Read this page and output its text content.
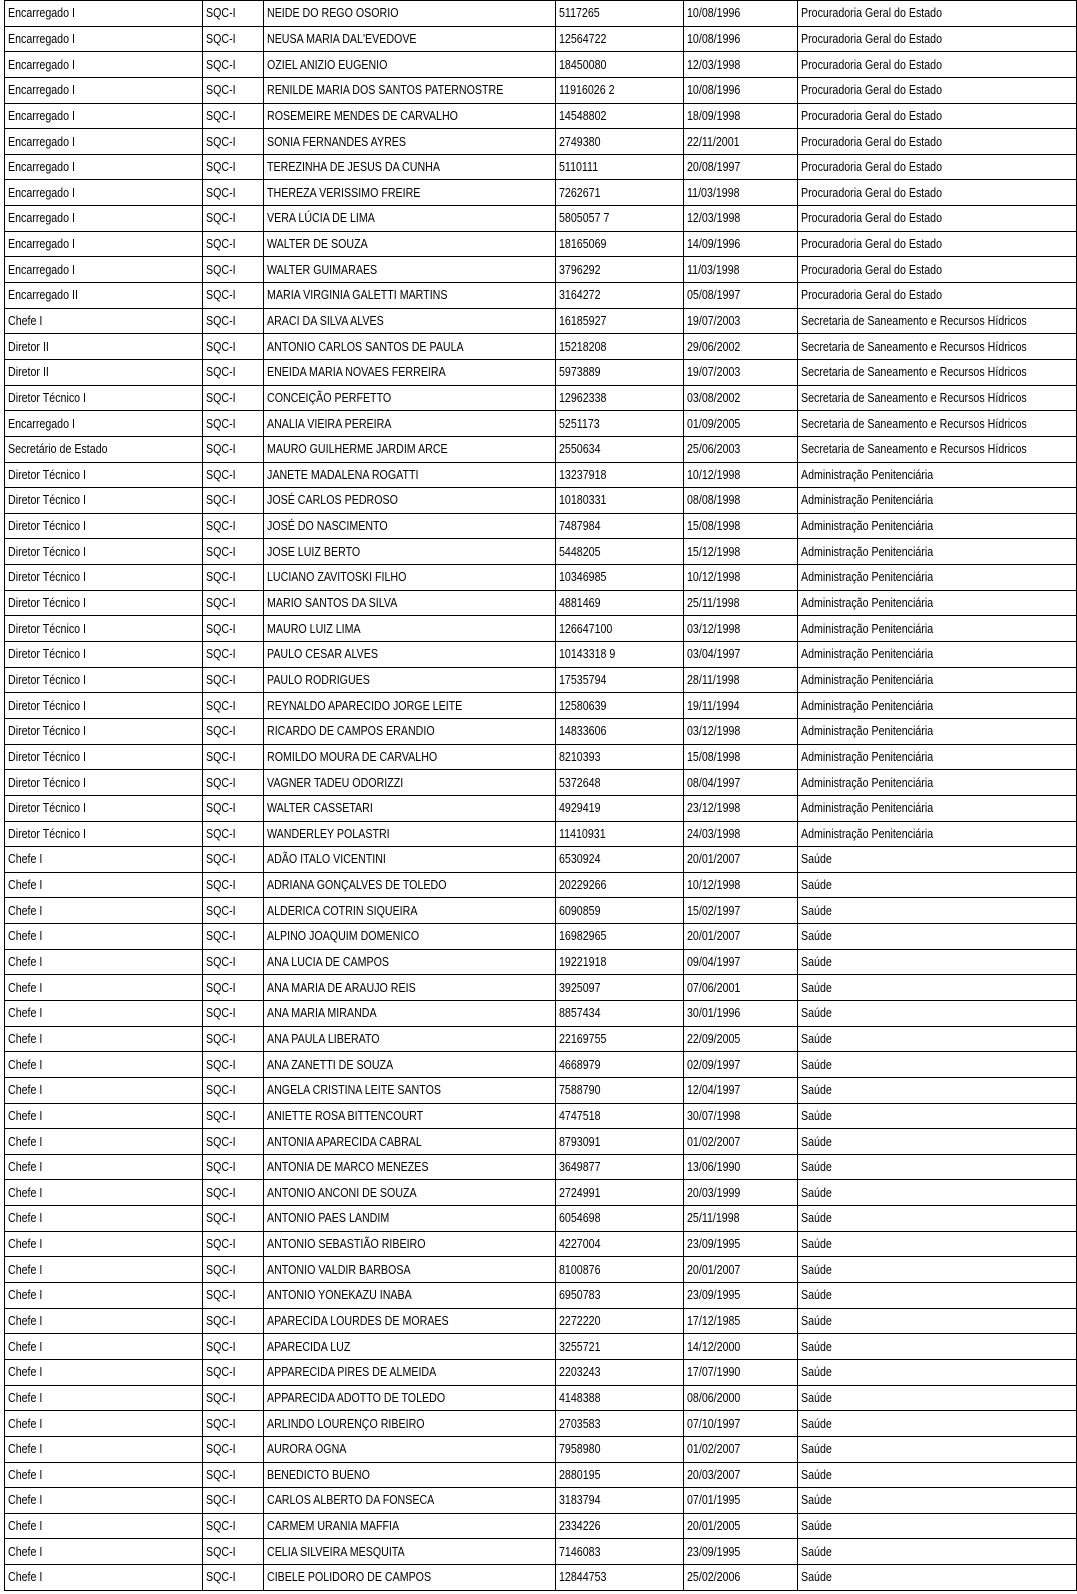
Encarregado I	SQC-I	NEIDE DO REGO OSORIO	5117265	10/08/1996	Procuradoria Geral do Estado
Encarregado I	SQC-I	NEUSA MARIA DAL'EVEDOVE	12564722	10/08/1996	Procuradoria Geral do Estado
Encarregado I	SQC-I	OZIEL ANIZIO EUGENIO	18450080	12/03/1998	Procuradoria Geral do Estado
Encarregado I	SQC-I	RENILDE MARIA DOS SANTOS PATERNOSTRE	11916026 2	10/08/1996	Procuradoria Geral do Estado
Encarregado I	SQC-I	ROSEMEIRE MENDES DE CARVALHO	14548802	18/09/1998	Procuradoria Geral do Estado
Encarregado I	SQC-I	SONIA FERNANDES AYRES	2749380	22/11/2001	Procuradoria Geral do Estado
Encarregado I	SQC-I	TEREZINHA DE JESUS DA CUNHA	5110111	20/08/1997	Procuradoria Geral do Estado
Encarregado I	SQC-I	THEREZA VERISSIMO FREIRE	7262671	11/03/1998	Procuradoria Geral do Estado
Encarregado I	SQC-I	VERA LÚCIA DE LIMA	5805057 7	12/03/1998	Procuradoria Geral do Estado
Encarregado I	SQC-I	WALTER DE SOUZA	18165069	14/09/1996	Procuradoria Geral do Estado
Encarregado I	SQC-I	WALTER GUIMARAES	3796292	11/03/1998	Procuradoria Geral do Estado
Encarregado II	SQC-I	MARIA VIRGINIA GALETTI MARTINS	3164272	05/08/1997	Procuradoria Geral do Estado
Chefe I	SQC-I	ARACI DA SILVA ALVES	16185927	19/07/2003	Secretaria de Saneamento e Recursos Hídricos
Diretor II	SQC-I	ANTONIO CARLOS SANTOS DE PAULA	15218208	29/06/2002	Secretaria de Saneamento e Recursos Hídricos
Diretor II	SQC-I	ENEIDA MARIA NOVAES FERREIRA	5973889	19/07/2003	Secretaria de Saneamento e Recursos Hídricos
Diretor Técnico I	SQC-I	CONCEIÇÃO PERFETTO	12962338	03/08/2002	Secretaria de Saneamento e Recursos Hídricos
Encarregado I	SQC-I	ANALIA VIEIRA PEREIRA	5251173	01/09/2005	Secretaria de Saneamento e Recursos Hídricos
Secretário de Estado	SQC-I	MAURO GUILHERME JARDIM ARCE	2550634	25/06/2003	Secretaria de Saneamento e Recursos Hídricos
Diretor Técnico I	SQC-I	JANETE MADALENA ROGATTI	13237918	10/12/1998	Administração Penitenciária
Diretor Técnico I	SQC-I	JOSÉ CARLOS PEDROSO	10180331	08/08/1998	Administração Penitenciária
Diretor Técnico I	SQC-I	JOSÉ DO NASCIMENTO	7487984	15/08/1998	Administração Penitenciária
Diretor Técnico I	SQC-I	JOSE LUIZ BERTO	5448205	15/12/1998	Administração Penitenciária
Diretor Técnico I	SQC-I	LUCIANO ZAVITOSKI FILHO	10346985	10/12/1998	Administração Penitenciária
Diretor Técnico I	SQC-I	MARIO SANTOS DA SILVA	4881469	25/11/1998	Administração Penitenciária
Diretor Técnico I	SQC-I	MAURO LUIZ LIMA	126647100	03/12/1998	Administração Penitenciária
Diretor Técnico I	SQC-I	PAULO CESAR ALVES	10143318 9	03/04/1997	Administração Penitenciária
Diretor Técnico I	SQC-I	PAULO RODRIGUES	17535794	28/11/1998	Administração Penitenciária
Diretor Técnico I	SQC-I	REYNALDO APARECIDO JORGE LEITE	12580639	19/11/1994	Administração Penitenciária
Diretor Técnico I	SQC-I	RICARDO DE CAMPOS ERANDIO	14833606	03/12/1998	Administração Penitenciária
Diretor Técnico I	SQC-I	ROMILDO MOURA DE CARVALHO	8210393	15/08/1998	Administração Penitenciária
Diretor Técnico I	SQC-I	VAGNER TADEU ODORIZZI	5372648	08/04/1997	Administração Penitenciária
Diretor Técnico I	SQC-I	WALTER CASSETARI	4929419	23/12/1998	Administração Penitenciária
Diretor Técnico I	SQC-I	WANDERLEY POLASTRI	11410931	24/03/1998	Administração Penitenciária
Chefe I	SQC-I	ADÃO ITALO VICENTINI	6530924	20/01/2007	Saúde
Chefe I	SQC-I	ADRIANA GONÇALVES DE TOLEDO	20229266	10/12/1998	Saúde
Chefe I	SQC-I	ALDERICA COTRIN SIQUEIRA	6090859	15/02/1997	Saúde
Chefe I	SQC-I	ALPINO JOAQUIM DOMENICO	16982965	20/01/2007	Saúde
Chefe I	SQC-I	ANA LUCIA DE CAMPOS	19221918	09/04/1997	Saúde
Chefe I	SQC-I	ANA MARIA DE ARAUJO REIS	3925097	07/06/2001	Saúde
Chefe I	SQC-I	ANA MARIA MIRANDA	8857434	30/01/1996	Saúde
Chefe I	SQC-I	ANA PAULA LIBERATO	22169755	22/09/2005	Saúde
Chefe I	SQC-I	ANA ZANETTI DE SOUZA	4668979	02/09/1997	Saúde
Chefe I	SQC-I	ANGELA CRISTINA LEITE SANTOS	7588790	12/04/1997	Saúde
Chefe I	SQC-I	ANIETTE ROSA BITTENCOURT	4747518	30/07/1998	Saúde
Chefe I	SQC-I	ANTONIA APARECIDA CABRAL	8793091	01/02/2007	Saúde
Chefe I	SQC-I	ANTONIA DE MARCO MENEZES	3649877	13/06/1990	Saúde
Chefe I	SQC-I	ANTONIO ANCONI DE SOUZA	2724991	20/03/1999	Saúde
Chefe I	SQC-I	ANTONIO PAES LANDIM	6054698	25/11/1998	Saúde
Chefe I	SQC-I	ANTONIO SEBASTIÃO RIBEIRO	4227004	23/09/1995	Saúde
Chefe I	SQC-I	ANTONIO VALDIR BARBOSA	8100876	20/01/2007	Saúde
Chefe I	SQC-I	ANTONIO YONEKAZU INABA	6950783	23/09/1995	Saúde
Chefe I	SQC-I	APARECIDA LOURDES DE MORAES	2272220	17/12/1985	Saúde
Chefe I	SQC-I	APARECIDA LUZ	3255721	14/12/2000	Saúde
Chefe I	SQC-I	APPARECIDA PIRES DE ALMEIDA	2203243	17/07/1990	Saúde
Chefe I	SQC-I	APPARECIDA ADOTTO DE TOLEDO	4148388	08/06/2000	Saúde
Chefe I	SQC-I	ARLINDO LOURENÇO RIBEIRO	2703583	07/10/1997	Saúde
Chefe I	SQC-I	AURORA OGNA	7958980	01/02/2007	Saúde
Chefe I	SQC-I	BENEDICTO BUENO	2880195	20/03/2007	Saúde
Chefe I	SQC-I	CARLOS ALBERTO DA FONSECA	3183794	07/01/1995	Saúde
Chefe I	SQC-I	CARMEM URANIA MAFFIA	2334226	20/01/2005	Saúde
Chefe I	SQC-I	CELIA SILVEIRA MESQUITA	7146083	23/09/1995	Saúde
Chefe I	SQC-I	CIBELE POLIDORO DE CAMPOS	12844753	25/02/2006	Saúde
